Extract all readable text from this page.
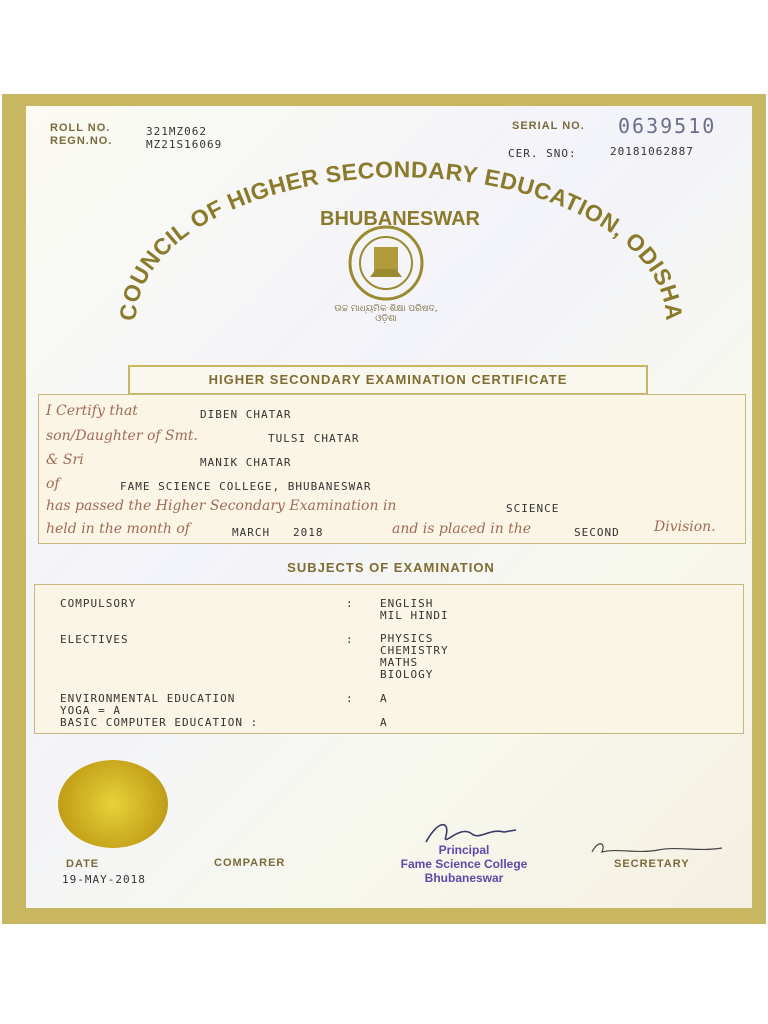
ROLL NO.	321MZ062
REGN.NO.	MZ21S16069
SERIAL NO. 0639510
CER. SNO:	20181062887
COUNCIL OF HIGHER SECONDARY EDUCATION, ODISHA
BHUBANESWAR
ଉଚ୍ଚ ମାଧ୍ୟମିକ ଶିକ୍ଷା ପରିଷଦ, ଓଡ଼ିଶା
HIGHER SECONDARY EXAMINATION CERTIFICATE
I Certify that	DIBEN CHATAR
son/Daughter of Smt.	TULSI CHATAR
& Sri	MANIK CHATAR
of	FAME SCIENCE COLLEGE, BHUBANESWAR
has passed the Higher Secondary Examination in	SCIENCE
held in the month of	MARCH   2018	and is placed in the	SECOND Division.
SUBJECTS OF EXAMINATION
COMPULSORY	: ENGLISH
MIL HINDI
ELECTIVES	: PHYSICS
CHEMISTRY
MATHS
BIOLOGY
ENVIRONMENTAL EDUCATION	: A
YOGA = A
BASIC COMPUTER EDUCATION :	A
DATE
19-MAY-2018
COMPARER
Principal
Fame Science College
Bhubaneswar
SECRETARY
